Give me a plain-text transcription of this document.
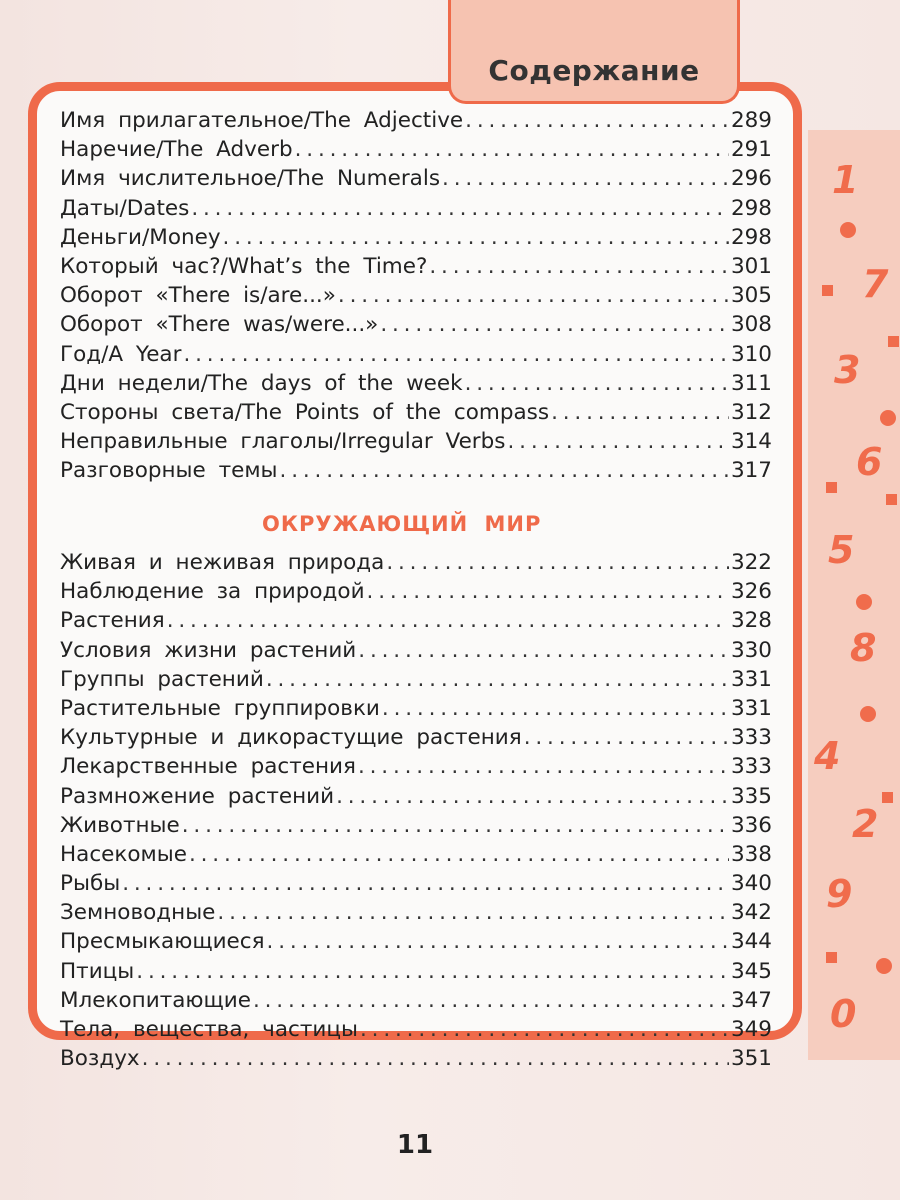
1
7
3
6
5
8
4
2
9
0
Содержание
Имя прилагательное/The Adjective . . .	289
Наречие/The Adverb . . .	291
Имя числительное/The Numerals . . .	296
Даты/Dates . . .	298
Деньги/Money . . .	298
Который час?/What’s the Time? . . .	301
Оборот «There is/are...» . . .	305
Оборот «There was/were...» . . .	308
Год/A Year . . .	310
Дни недели/The days of the week . . .	311
Стороны света/The Points of the compass . . .	312
Неправильные глаголы/Irregular Verbs . . .	314
Разговорные темы . . .	317
ОКРУЖАЮЩИЙ МИР
Живая и неживая природа . . .	322
Наблюдение за природой . . .	326
Растения . . .	328
Условия жизни растений . . .	330
Группы растений . . .	331
Растительные группировки . . .	331
Культурные и дикорастущие растения . . .	333
Лекарственные растения . . .	333
Размножение растений . . .	335
Животные . . .	336
Насекомые . . .	338
Рыбы . . .	340
Земноводные . . .	342
Пресмыкающиеся . . .	344
Птицы . . .	345
Млекопитающие . . .	347
Тела, вещества, частицы . . .	349
Воздух . . .	351
11
